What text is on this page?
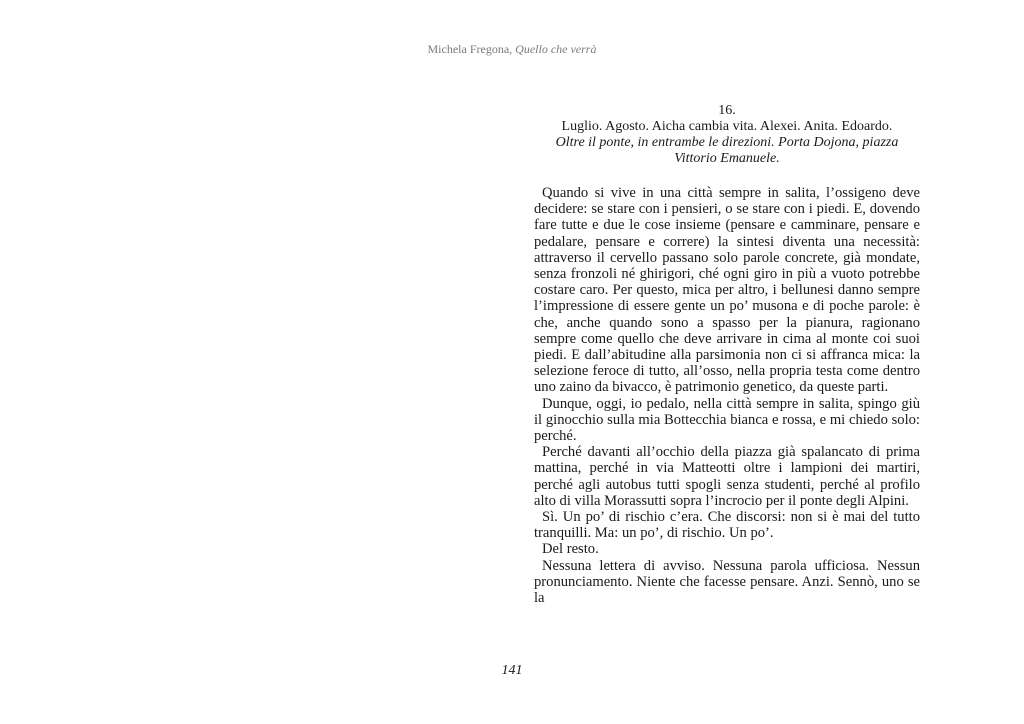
Michela Fregona, Quello che verrà
16.
Luglio. Agosto. Aicha cambia vita. Alexei. Anita. Edoardo.
Oltre il ponte, in entrambe le direzioni. Porta Dojona, piazza Vittorio Emanuele.

Quando si vive in una città sempre in salita, l’ossigeno deve decidere: se stare con i pensieri, o se stare con i piedi. E, dovendo fare tutte e due le cose insieme (pensare e camminare, pensare e pedalare, pensare e correre) la sintesi diventa una necessità: attraverso il cervello passano solo parole concrete, già mondate, senza fronzoli né ghirigori, ché ogni giro in più a vuoto potrebbe costare caro. Per questo, mica per altro, i bellunesi danno sempre l’impressione di essere gente un po’ musona e di poche parole: è che, anche quando sono a spasso per la pianura, ragionano sempre come quello che deve arrivare in cima al monte coi suoi piedi. E dall’abitudine alla parsimonia non ci si affranca mica: la selezione feroce di tutto, all’osso, nella propria testa come dentro uno zaino da bivacco, è patrimonio genetico, da queste parti.

Dunque, oggi, io pedalo, nella città sempre in salita, spingo giù il ginocchio sulla mia Bottecchia bianca e rossa, e mi chiedo solo: perché.

Perché davanti all’occhio della piazza già spalancato di prima mattina, perché in via Matteotti oltre i lampioni dei martiri, perché agli autobus tutti spogli senza studenti, perché al profilo alto di villa Morassutti sopra l’incrocio per il ponte degli Alpini.

Sì. Un po’ di rischio c’era. Che discorsi: non si è mai del tutto tranquilli. Ma: un po’, di rischio. Un po’.

Del resto.

Nessuna lettera di avviso. Nessuna parola ufficiosa. Nessun pronunciamento. Niente che facesse pensare. Anzi. Sennò, uno se la

141
